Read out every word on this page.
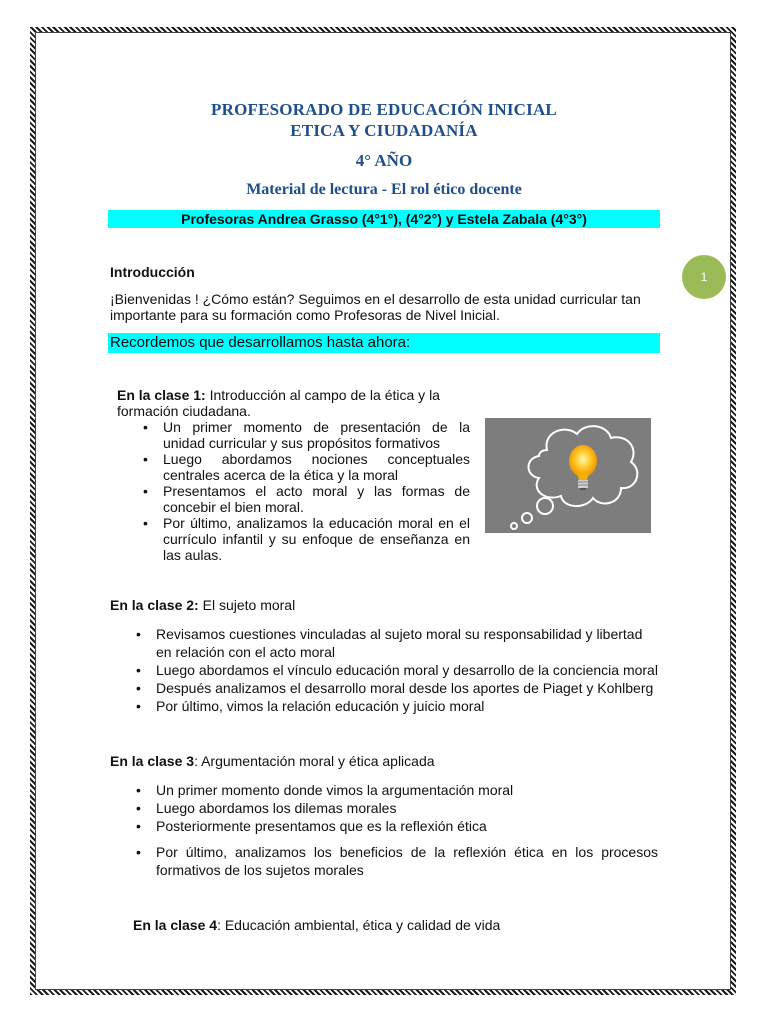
1
PROFESORADO DE EDUCACIÓN INICIAL
ETICA Y CIUDADANÍA
4° AÑO
Material de lectura - El rol ético docente
Profesoras Andrea Grasso (4°1°), (4°2°) y Estela Zabala (4°3°)
Introducción
¡Bienvenidas ! ¿Cómo están? Seguimos en el desarrollo de esta unidad curricular tan
importante para su formación como Profesoras de Nivel Inicial.
Recordemos que desarrollamos hasta ahora:
En la clase 1: Introducción al campo de la ética y la
formación ciudadana.
• Un primer momento de presentación de la unidad curricular y sus propósitos formativos
• Luego abordamos nociones conceptuales centrales acerca de la ética y la moral
• Presentamos el acto moral y las formas de concebir el bien moral.
• Por último, analizamos la educación moral en el currículo infantil y su enfoque de enseñanza en las aulas.
En la clase 2: El sujeto moral
• Revisamos cuestiones vinculadas al sujeto moral su responsabilidad y libertad en relación con el acto moral
• Luego abordamos el vínculo educación moral y desarrollo de la conciencia moral
• Después analizamos el desarrollo moral desde los aportes de Piaget y Kohlberg
• Por último, vimos la relación educación y juicio moral
En la clase 3: Argumentación moral y ética aplicada
• Un primer momento donde vimos la argumentación moral
• Luego abordamos los dilemas morales
• Posteriormente presentamos que es la reflexión ética
• Por último, analizamos los beneficios de la reflexión ética en los procesos formativos de los sujetos morales
En la clase 4: Educación ambiental, ética y calidad de vida
